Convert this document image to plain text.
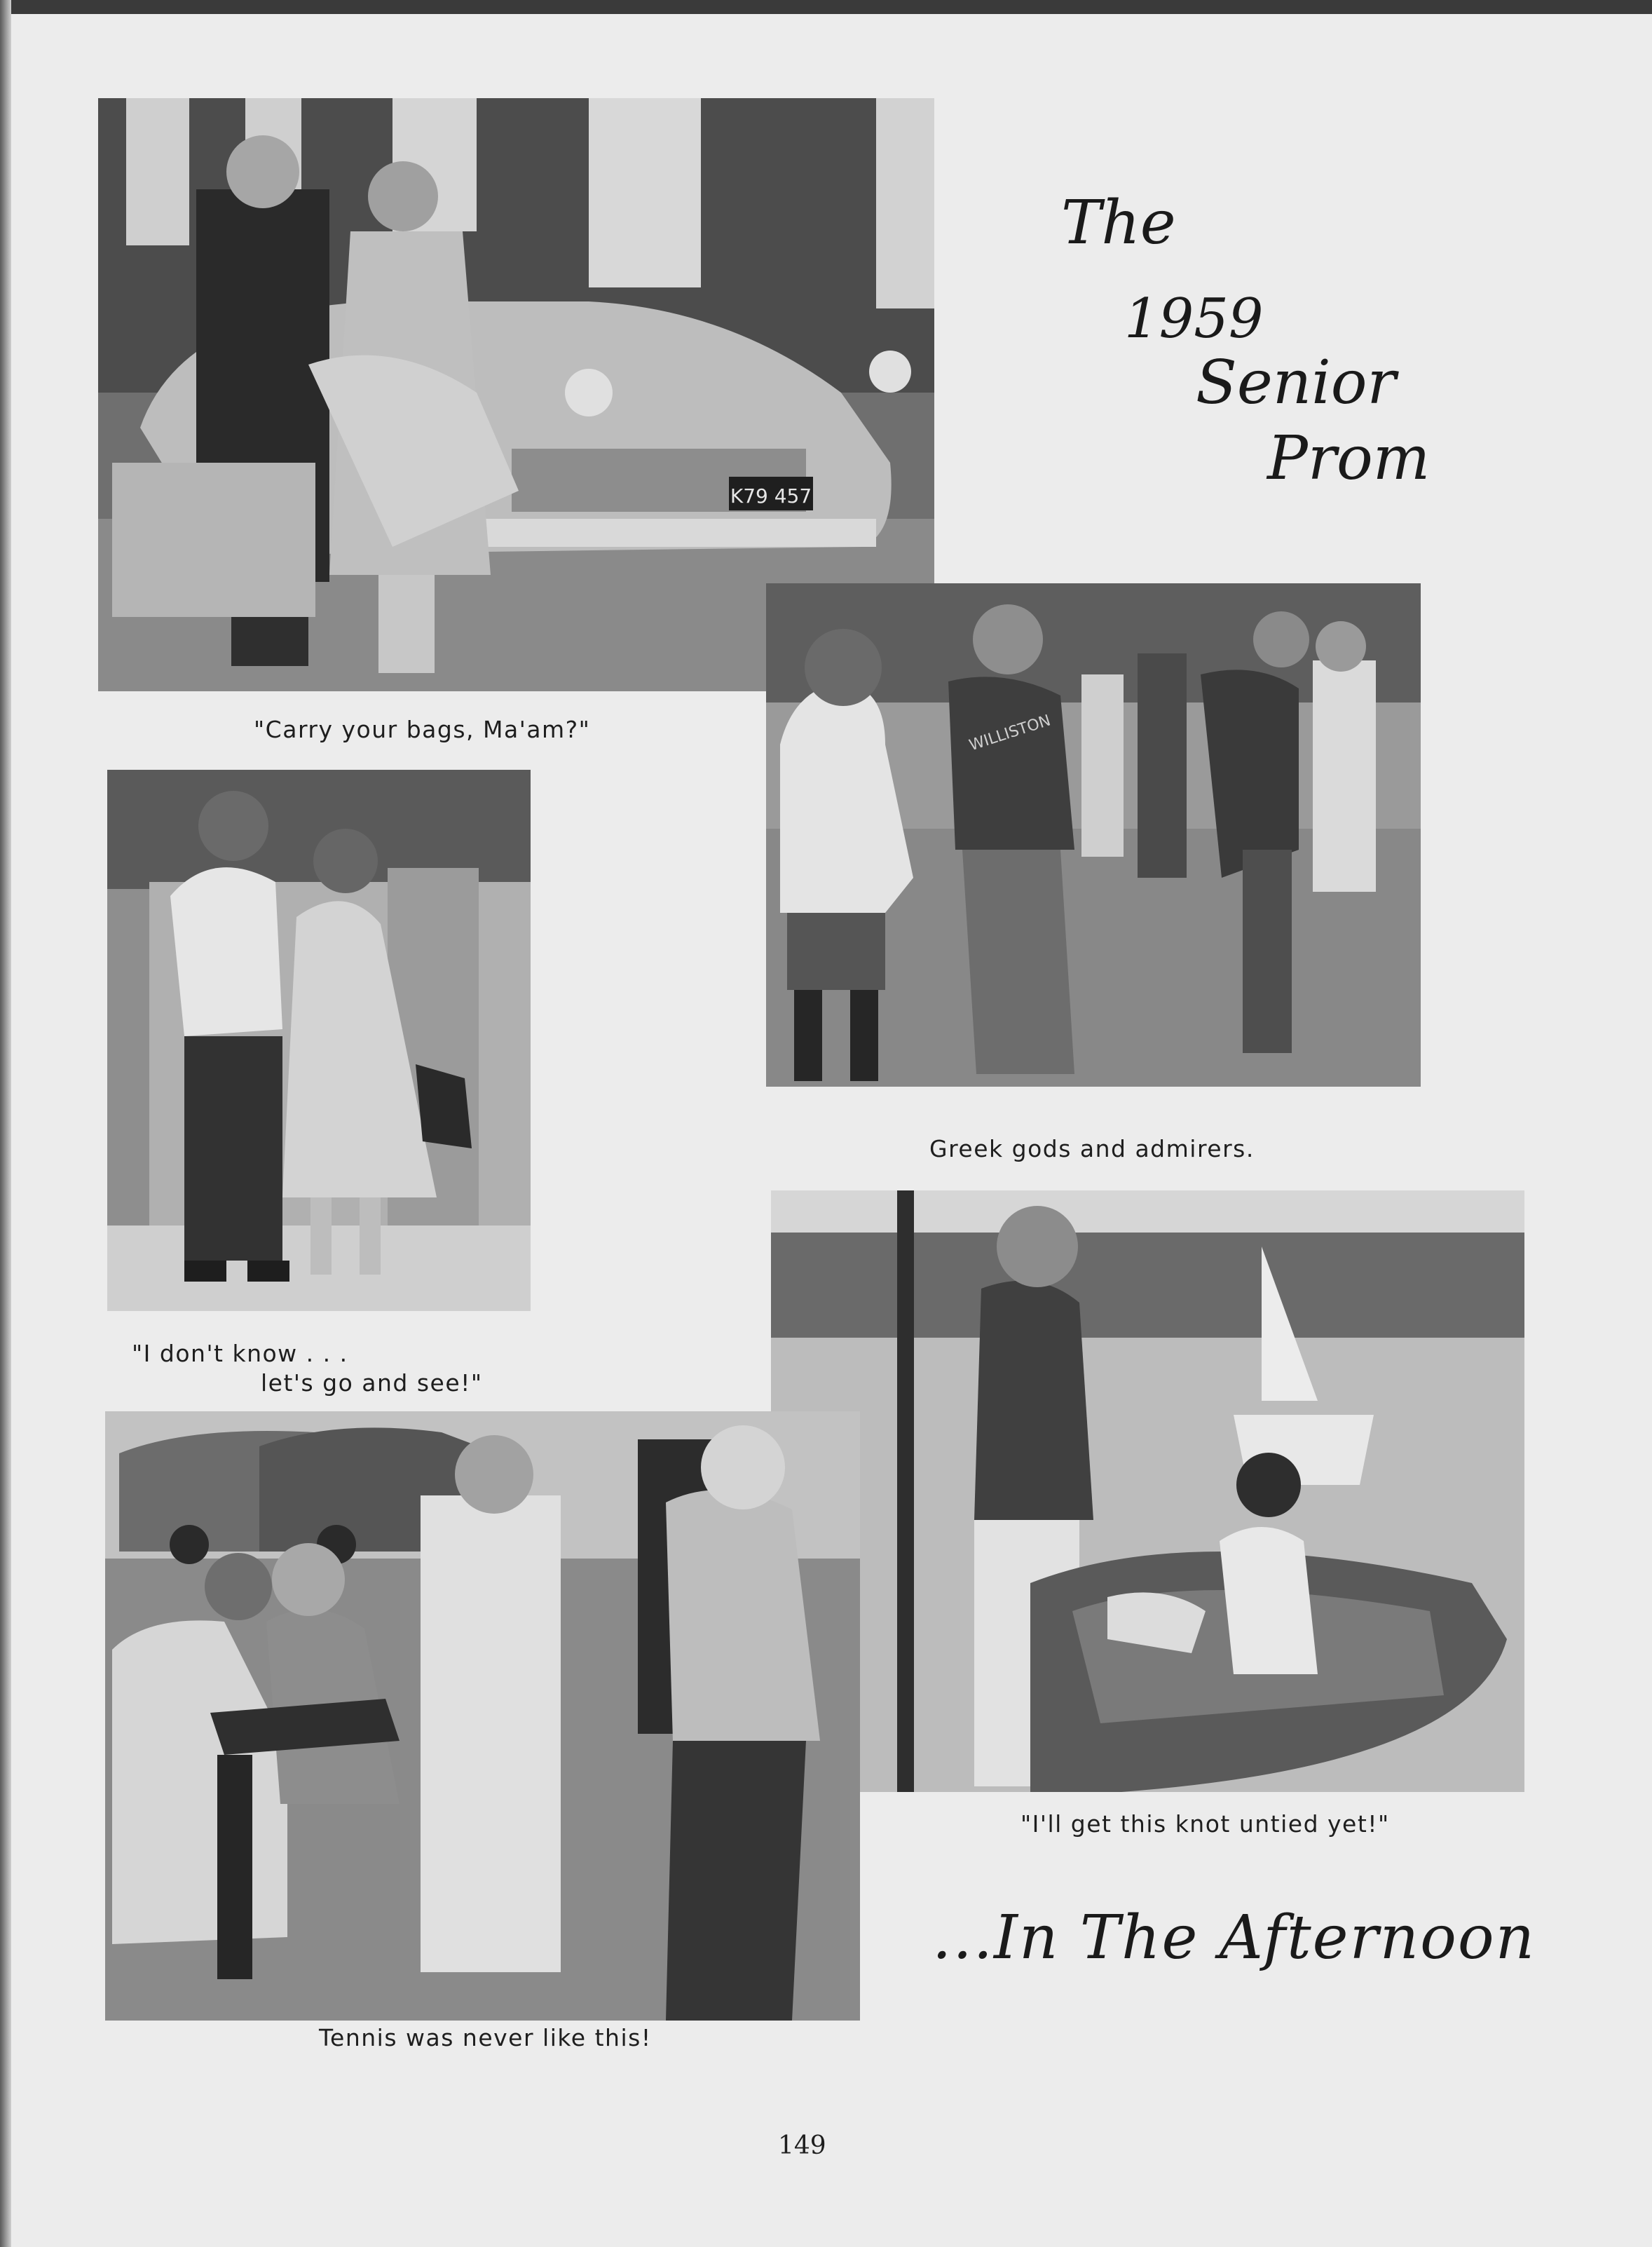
K79 457
"Carry your bags, Ma'am?"
The
1959
Senior
Prom
WILLISTON
Greek gods and admirers.
"I don't know . . .
let's go and see!"
"I'll get this knot untied yet!"
Tennis was never like this!
...In The Afternoon
149
